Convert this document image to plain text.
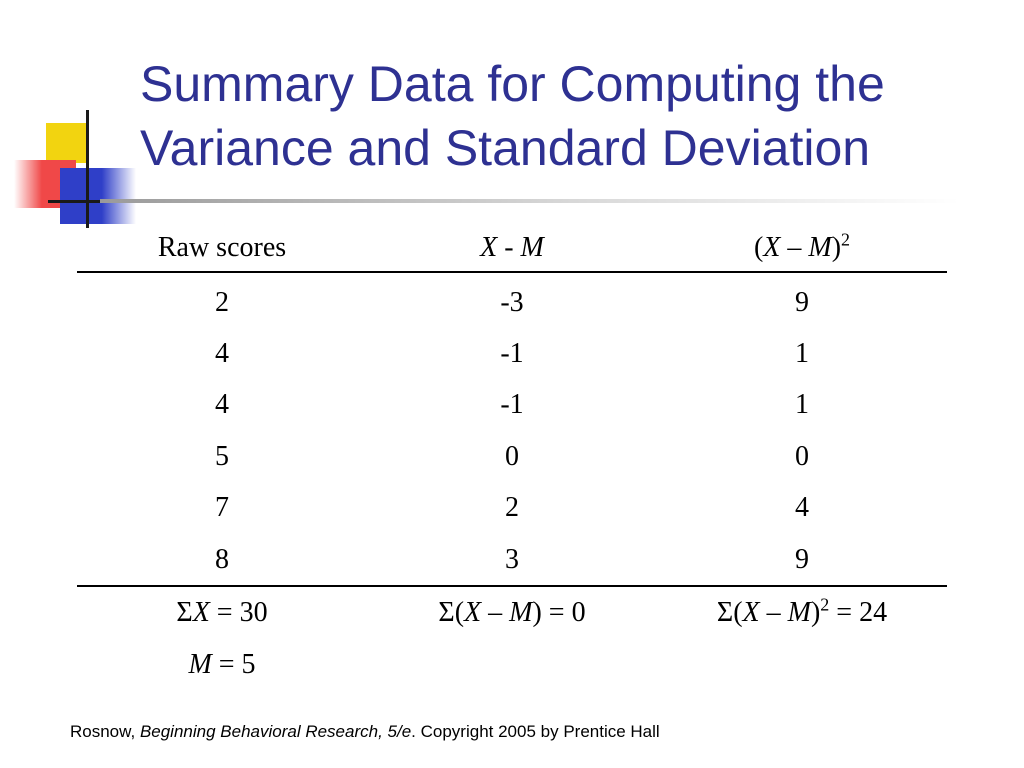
Summary Data for Computing the
Variance and Standard Deviation
Raw scores	X - M	(X – M)$^2$
2	-3	9
4	-1	1
4	-1	1
5	0	0
7	2	4
8	3	9
ΣX = 30	Σ(X – M) = 0	Σ(X – M)$^2$ = 24
M = 5		

Rosnow, Beginning Behavioral Research, 5/e. Copyright 2005 by Prentice Hall
